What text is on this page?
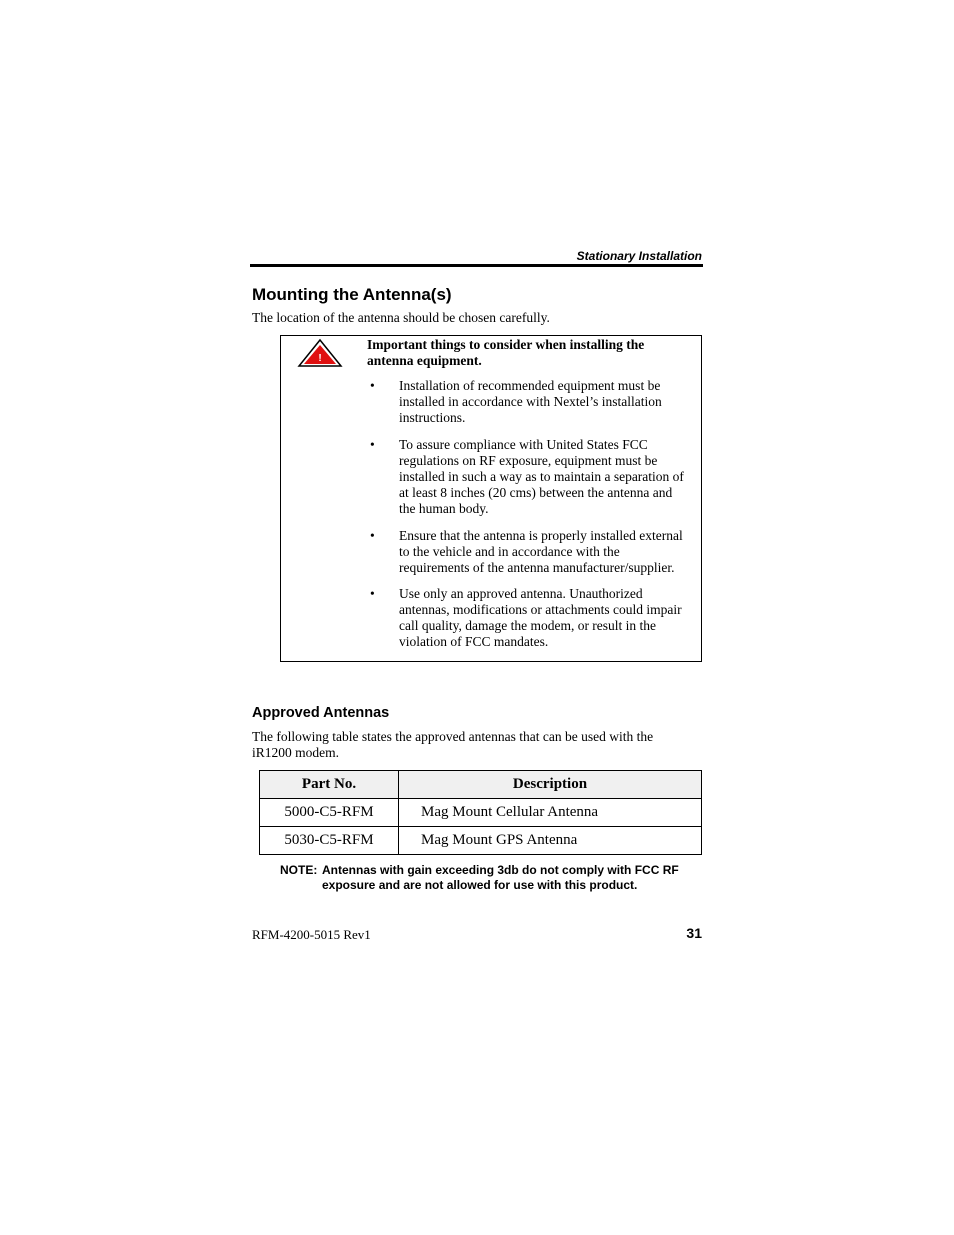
Stationary Installation
Mounting the Antenna(s)
The location of the antenna should be chosen carefully.
!
Important things to consider when installing the antenna equipment.
•	Installation of recommended equipment must be installed in accordance with Nextel’s installation instructions.
•	To assure compliance with United States FCC regulations on RF exposure, equipment must be installed in such a way as to maintain a separation of at least 8 inches (20 cms) between the antenna and the human body.
•	Ensure that the antenna is properly installed external to the vehicle and in accordance with the requirements of the antenna manufacturer/supplier.
•	Use only an approved antenna. Unauthorized antennas, modifications or attachments could impair call quality, damage the modem, or result in the violation of FCC mandates.
Approved Antennas
The following table states the approved antennas that can be used with the iR1200 modem.
Part No.	Description
5000-C5-RFM	Mag Mount Cellular Antenna
5030-C5-RFM	Mag Mount GPS Antenna
NOTE: Antennas with gain exceeding 3db do not comply with FCC RF exposure and are not allowed for use with this product.
RFM-4200-5015 Rev1	31
